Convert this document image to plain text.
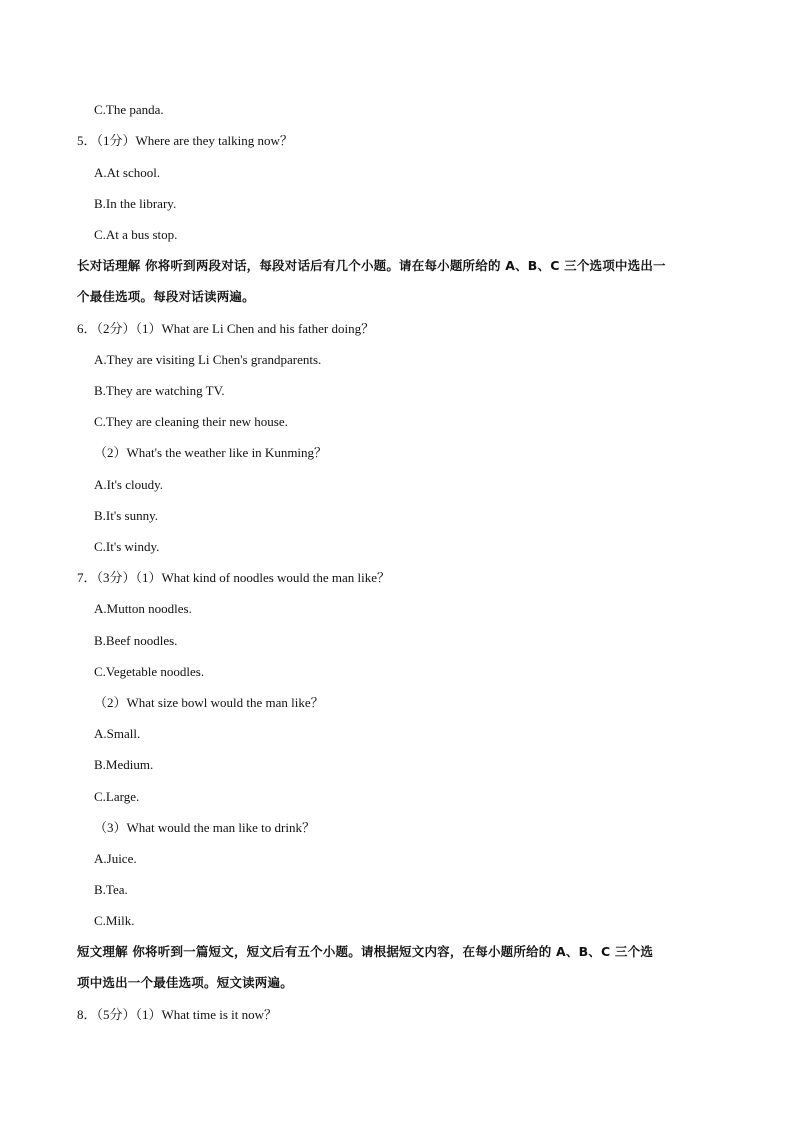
C.The panda.
5．（1分）Where are they talking now？
A.At school.
B.In the library.
C.At a bus stop.
长对话理解 你将听到两段对话，每段对话后有几个小题。请在每小题所给的 A、B、C 三个选项中选出一
个最佳选项。每段对话读两遍。
6．（2分）（1）What are Li Chen and his father doing？
A.They are visiting Li Chen's grandparents.
B.They are watching TV.
C.They are cleaning their new house.
（2）What's the weather like in Kunming？
A.It's cloudy.
B.It's sunny.
C.It's windy.
7．（3分）（1）What kind of noodles would the man like？
A.Mutton noodles.
B.Beef noodles.
C.Vegetable noodles.
（2）What size bowl would the man like？
A.Small.
B.Medium.
C.Large.
（3）What would the man like to drink？
A.Juice.
B.Tea.
C.Milk.
短文理解 你将听到一篇短文，短文后有五个小题。请根据短文内容，在每小题所给的 A、B、C 三个选
项中选出一个最佳选项。短文读两遍。
8．（5分）（1）What time is it now？
